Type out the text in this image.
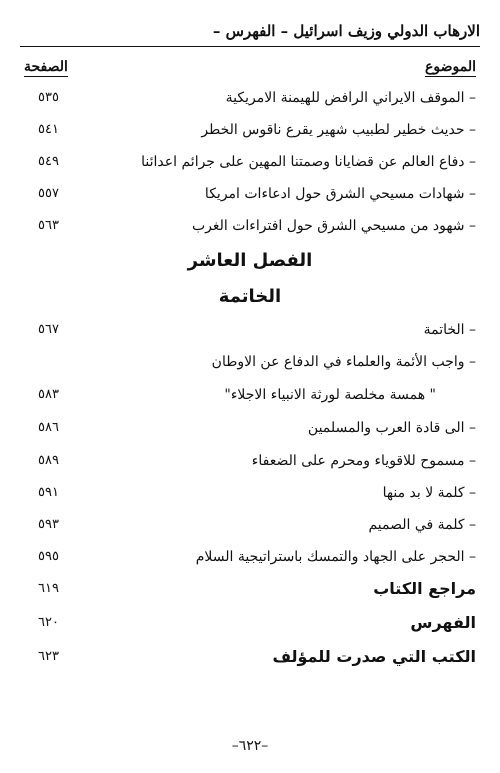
الارهاب الدولي وزيف اسرائيل – الفهرس –
الموضوع
الصفحة
– الموقف الايراني الرافض للهيمنة الامريكية
٥٣٥
– حديث خطير لطبيب شهير يقرع ناقوس الخطر
٥٤١
– دفاع العالم عن قضايانا وصمتنا المهين على جرائم اعدائنا
٥٤٩
– شهادات مسيحي الشرق حول ادعاءات امريكا
٥٥٧
– شهود من مسيحي الشرق حول افتراءات الغرب
٥٦٣
الفصل العاشر
الخاتمة
– الخاتمة
٥٦٧
– واجب الأئمة والعلماء في الدفاع عن الاوطان
" همسة مخلصة لورثة الانبياء الاجلاء"
٥٨٣
– الى قادة العرب والمسلمين
٥٨٦
– مسموح للاقوياء ومحرم على الضعفاء
٥٨٩
– كلمة لا بد منها
٥٩١
– كلمة في الصميم
٥٩٣
– الحجر على الجهاد والتمسك باستراتيجية السلام
٥٩٥
مراجع الكتاب
٦١٩
الفهرس
٦٢٠
الكتب التي صدرت للمؤلف
٦٢٣
–٦٢٢–
